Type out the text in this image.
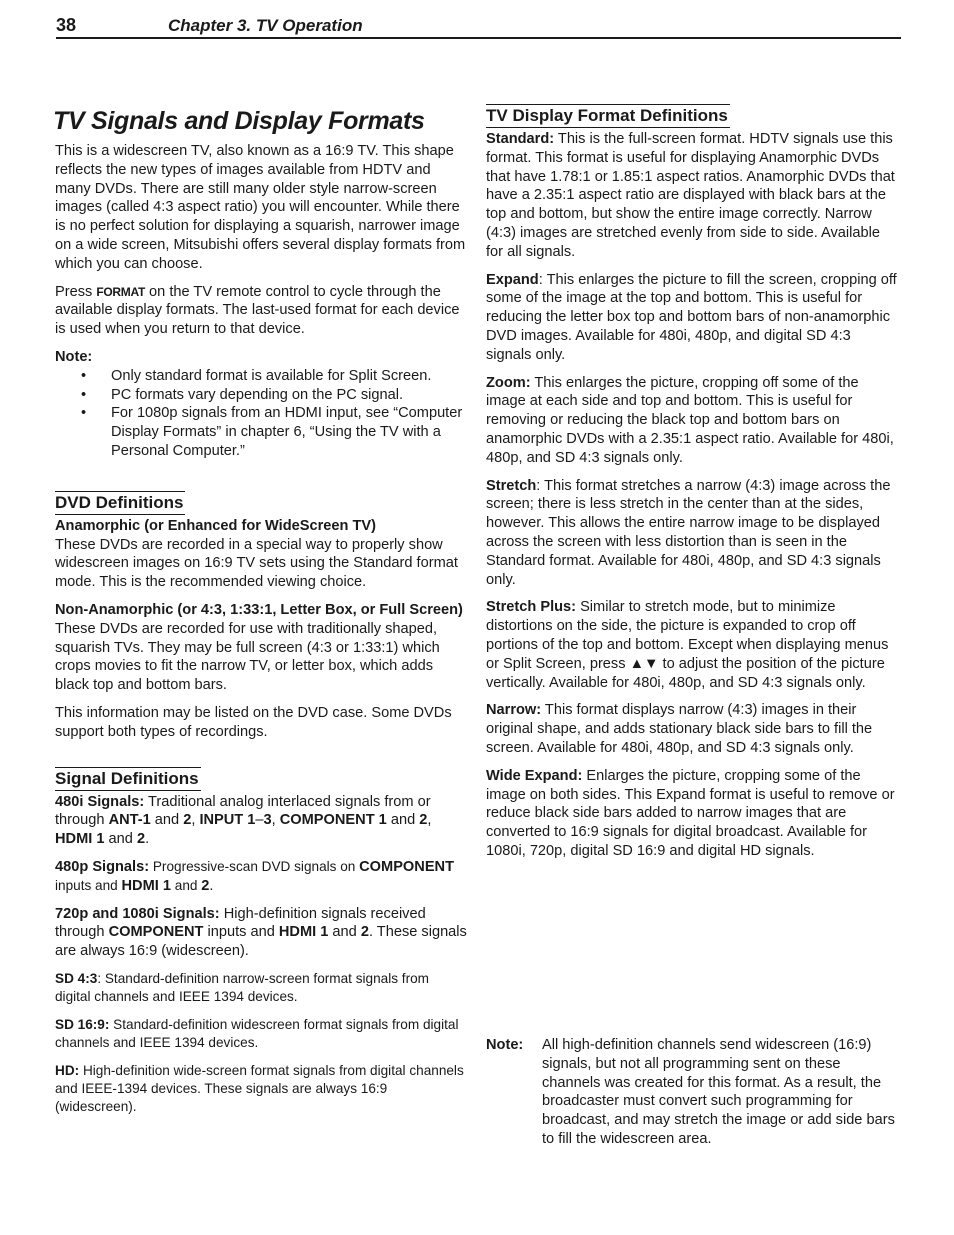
38	Chapter 3. TV Operation
TV Signals and Display Formats

This is a widescreen TV, also known as a 16:9 TV. This shape reflects the new types of images available from HDTV and many DVDs. There are still many older style narrow-screen images (called 4:3 aspect ratio) you will encounter. While there is no perfect solution for displaying a squarish, narrower image on a wide screen, Mitsubishi offers several display formats from which you can choose.

Press FORMAT on the TV remote control to cycle through the available display formats. The last-used format for each device is used when you return to that device.

Note:

• Only standard format is available for Split Screen.
• PC formats vary depending on the PC signal.
• For 1080p signals from an HDMI input, see “Computer Display Formats” in chapter 6, “Using the TV with a Personal Computer.”
DVD Definitions

Anamorphic (or Enhanced for WideScreen TV)

These DVDs are recorded in a special way to properly show widescreen images on 16:9 TV sets using the Standard format mode. This is the recommended viewing choice.

Non-Anamorphic (or 4:3, 1:33:1, Letter Box, or Full Screen)

These DVDs are recorded for use with traditionally shaped, squarish TVs. They may be full screen (4:3 or 1:33:1) which crops movies to fit the narrow TV, or letter box, which adds black top and bottom bars.

This information may be listed on the DVD case. Some DVDs support both types of recordings.

Signal Definitions

480i Signals: Traditional analog interlaced signals from or through ANT-1 and 2, INPUT 1–3, COMPONENT 1 and 2, HDMI 1 and 2.

480p Signals: Progressive-scan DVD signals on COMPONENT inputs and HDMI 1 and 2.

720p and 1080i Signals: High-definition signals received through COMPONENT inputs and HDMI 1 and 2. These signals are always 16:9 (widescreen).

SD 4:3: Standard-definition narrow-screen format signals from digital channels and IEEE 1394 devices.

SD 16:9: Standard-definition widescreen format signals from digital channels and IEEE 1394 devices.

HD: High-definition wide-screen format signals from digital channels and IEEE-1394 devices. These signals are always 16:9 (widescreen).

TV Display Format Definitions

Standard: This is the full-screen format. HDTV signals use this format. This format is useful for displaying Anamorphic DVDs that have 1.78:1 or 1.85:1 aspect ratios. Anamorphic DVDs that have a 2.35:1 aspect ratio are displayed with black bars at the top and bottom, but show the entire image correctly. Narrow (4:3) images are stretched evenly from side to side. Available for all signals.

Expand: This enlarges the picture to fill the screen, cropping off some of the image at the top and bottom. This is useful for reducing the letter box top and bottom bars of non-anamorphic DVD images. Available for 480i, 480p, and digital SD 4:3 signals only.

Zoom: This enlarges the picture, cropping off some of the image at each side and top and bottom. This is useful for removing or reducing the black top and bottom bars on anamorphic DVDs with a 2.35:1 aspect ratio. Available for 480i, 480p, and SD 4:3 signals only.

Stretch: This format stretches a narrow (4:3) image across the screen; there is less stretch in the center than at the sides, however. This allows the entire narrow image to be displayed across the screen with less distortion than is seen in the Standard format. Available for 480i, 480p, and SD 4:3 signals only.

Stretch Plus: Similar to stretch mode, but to minimize distortions on the side, the picture is expanded to crop off portions of the top and bottom. Except when displaying menus or Split Screen, press ▲▼ to adjust the position of the picture vertically. Available for 480i, 480p, and SD 4:3 signals only.

Narrow: This format displays narrow (4:3) images in their original shape, and adds stationary black side bars to fill the screen. Available for 480i, 480p, and SD 4:3 signals only.

Wide Expand: Enlarges the picture, cropping some of the image on both sides. This Expand format is useful to remove or reduce black side bars added to narrow images that are converted to 16:9 signals for digital broadcast. Available for 1080i, 720p, digital SD 16:9 and digital HD signals.

Note:	All high-definition channels send widescreen (16:9) signals, but not all programming sent on these channels was created for this format. As a result, the broadcaster must convert such programming for broadcast, and may stretch the image or add side bars to fill the widescreen area.
